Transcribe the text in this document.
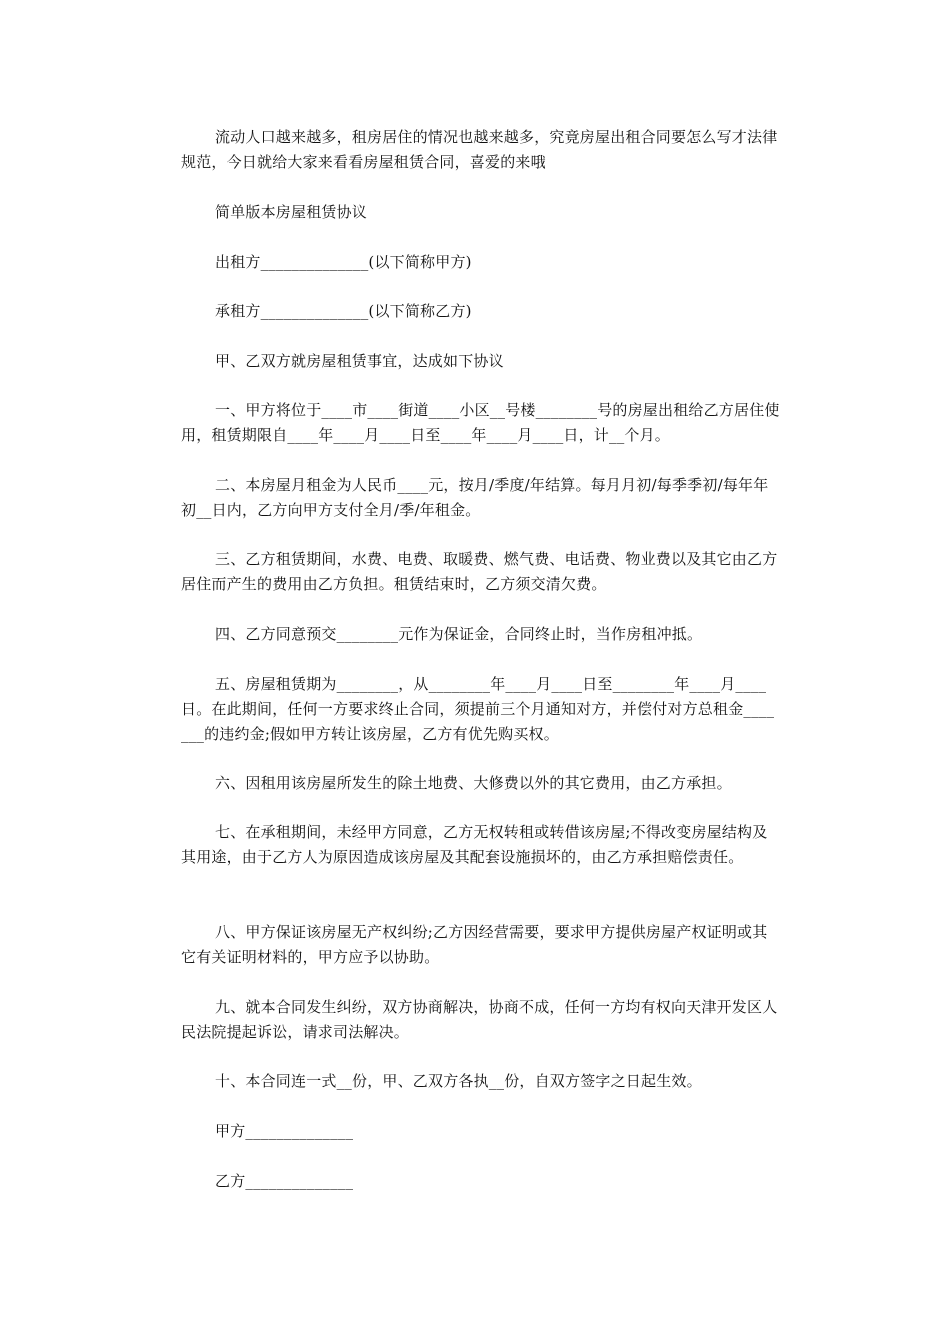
流动人口越来越多，租房居住的情况也越来越多，究竟房屋出租合同要怎么写才法律规范，今日就给大家来看看房屋租赁合同，喜爱的来哦

简单版本房屋租赁协议

出租方______________(以下简称甲方)

承租方______________(以下简称乙方)

甲、乙双方就房屋租赁事宜，达成如下协议

一、甲方将位于____市____街道____小区__号楼________号的房屋出租给乙方居住使用，租赁期限自____年____月____日至____年____月____日，计__个月。

二、本房屋月租金为人民币____元，按月/季度/年结算。每月月初/每季季初/每年年初__日内，乙方向甲方支付全月/季/年租金。

三、乙方租赁期间，水费、电费、取暖费、燃气费、电话费、物业费以及其它由乙方居住而产生的费用由乙方负担。租赁结束时，乙方须交清欠费。

四、乙方同意预交________元作为保证金，合同终止时，当作房租冲抵。

五、房屋租赁期为________，从________年____月____日至________年____月____日。在此期间，任何一方要求终止合同，须提前三个月通知对方，并偿付对方总租金_______的违约金;假如甲方转让该房屋，乙方有优先购买权。

六、因租用该房屋所发生的除土地费、大修费以外的其它费用，由乙方承担。

七、在承租期间，未经甲方同意，乙方无权转租或转借该房屋;不得改变房屋结构及其用途，由于乙方人为原因造成该房屋及其配套设施损坏的，由乙方承担赔偿责任。

八、甲方保证该房屋无产权纠纷;乙方因经营需要，要求甲方提供房屋产权证明或其它有关证明材料的，甲方应予以协助。

九、就本合同发生纠纷，双方协商解决，协商不成，任何一方均有权向天津开发区人民法院提起诉讼，请求司法解决。

十、本合同连一式__份，甲、乙双方各执__份，自双方签字之日起生效。

甲方______________

乙方______________
